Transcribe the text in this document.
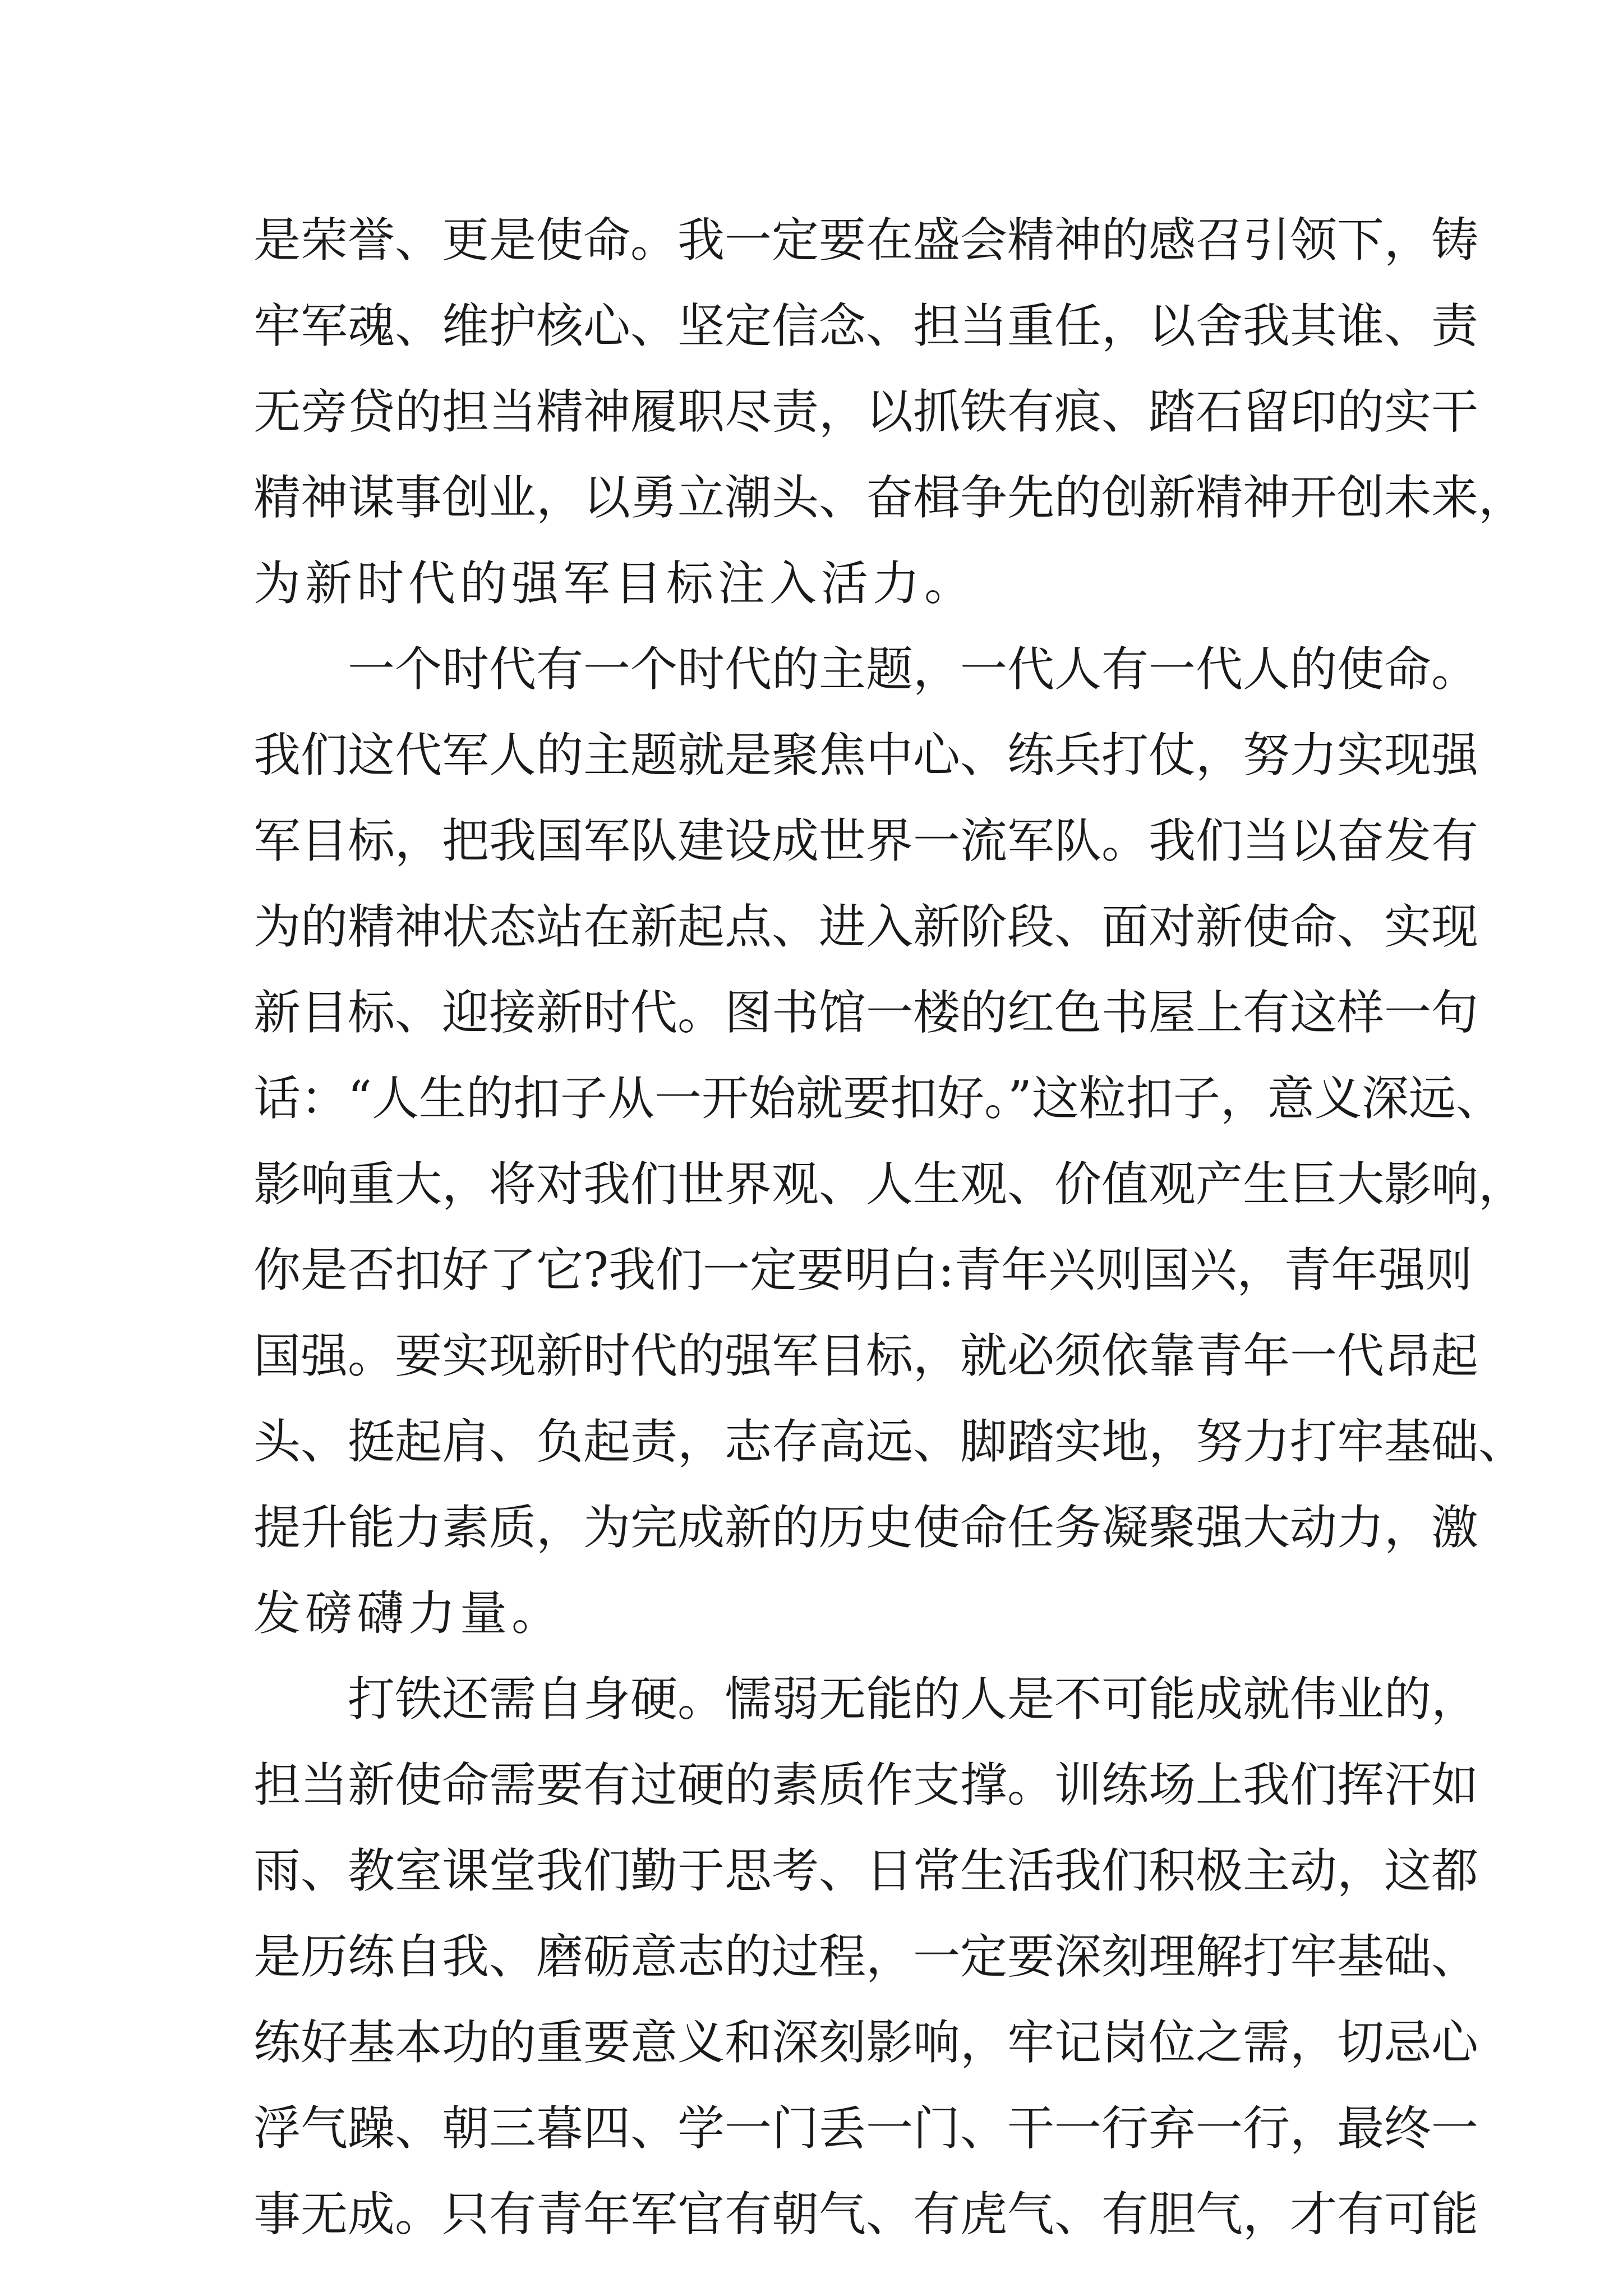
是荣誉、更是使命。我一定要在盛会精神的感召引领下，铸
牢军魂、维护核心、坚定信念、担当重任，以舍我其谁、责
无旁贷的担当精神履职尽责，以抓铁有痕、踏石留印的实干
精神谋事创业，以勇立潮头、奋楫争先的创新精神开创未来，
为新时代的强军目标注入活力。
一个时代有一个时代的主题，一代人有一代人的使命。
我们这代军人的主题就是聚焦中心、练兵打仗，努力实现强
军目标，把我国军队建设成世界一流军队。我们当以奋发有
为的精神状态站在新起点、进入新阶段、面对新使命、实现
新目标、迎接新时代。图书馆一楼的红色书屋上有这样一句
话：“人生的扣子从一开始就要扣好。”这粒扣子，意义深远、
影响重大，将对我们世界观、人生观、价值观产生巨大影响，
你是否扣好了它?我们一定要明白:青年兴则国兴，青年强则
国强。要实现新时代的强军目标，就必须依靠青年一代昂起
头、挺起肩、负起责，志存高远、脚踏实地，努力打牢基础、
提升能力素质，为完成新的历史使命任务凝聚强大动力，激
发磅礴力量。
打铁还需自身硬。懦弱无能的人是不可能成就伟业的，
担当新使命需要有过硬的素质作支撑。训练场上我们挥汗如
雨、教室课堂我们勤于思考、日常生活我们积极主动，这都
是历练自我、磨砺意志的过程，一定要深刻理解打牢基础、
练好基本功的重要意义和深刻影响，牢记岗位之需，切忌心
浮气躁、朝三暮四、学一门丢一门、干一行弃一行，最终一
事无成。只有青年军官有朝气、有虎气、有胆气，才有可能
